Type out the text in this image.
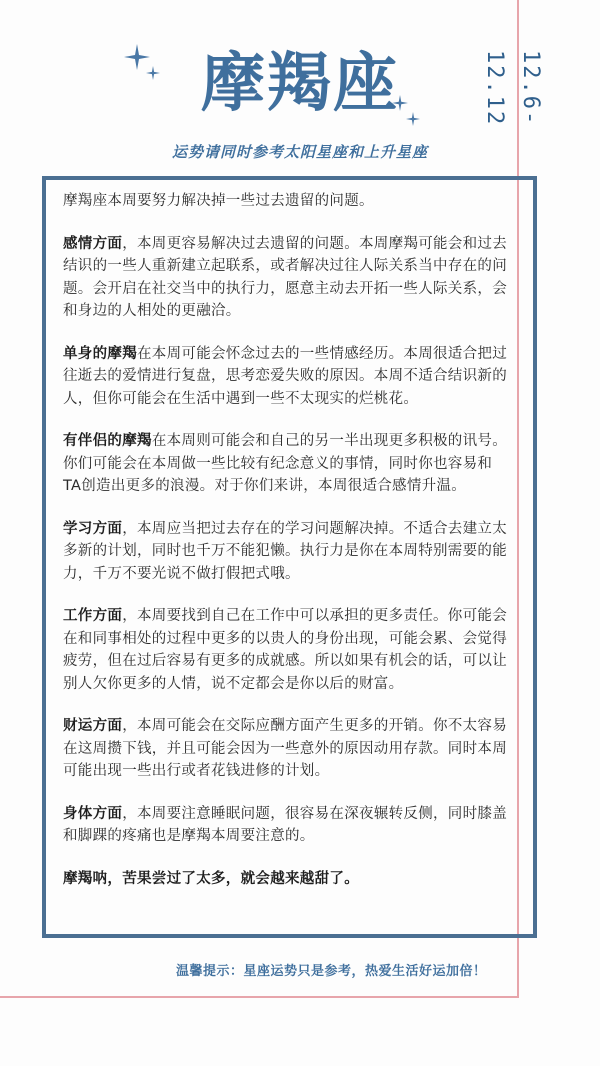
摩羯座
运势请同时参考太阳星座和上升星座
12.6-12.12

摩羯座本周要努力解决掉一些过去遗留的问题。

感情方面，本周更容易解决过去遗留的问题。本周摩羯可能会和过去结识的一些人重新建立起联系，或者解决过往人际关系当中存在的问题。会开启在社交当中的执行力，愿意主动去开拓一些人际关系，会和身边的人相处的更融洽。

单身的摩羯在本周可能会怀念过去的一些情感经历。本周很适合把过往逝去的爱情进行复盘，思考恋爱失败的原因。本周不适合结识新的人，但你可能会在生活中遇到一些不太现实的烂桃花。

有伴侣的摩羯在本周则可能会和自己的另一半出现更多积极的讯号。你们可能会在本周做一些比较有纪念意义的事情，同时你也容易和TA创造出更多的浪漫。对于你们来讲，本周很适合感情升温。

学习方面，本周应当把过去存在的学习问题解决掉。不适合去建立太多新的计划，同时也千万不能犯懒。执行力是你在本周特别需要的能力，千万不要光说不做打假把式哦。

工作方面，本周要找到自己在工作中可以承担的更多责任。你可能会在和同事相处的过程中更多的以贵人的身份出现，可能会累、会觉得疲劳，但在过后容易有更多的成就感。所以如果有机会的话，可以让别人欠你更多的人情，说不定都会是你以后的财富。

财运方面，本周可能会在交际应酬方面产生更多的开销。你不太容易在这周攒下钱，并且可能会因为一些意外的原因动用存款。同时本周可能出现一些出行或者花钱进修的计划。

身体方面，本周要注意睡眠问题，很容易在深夜辗转反侧，同时膝盖和脚踝的疼痛也是摩羯本周要注意的。

摩羯呐，苦果尝过了太多，就会越来越甜了。

温馨提示：星座运势只是参考，热爱生活好运加倍！
